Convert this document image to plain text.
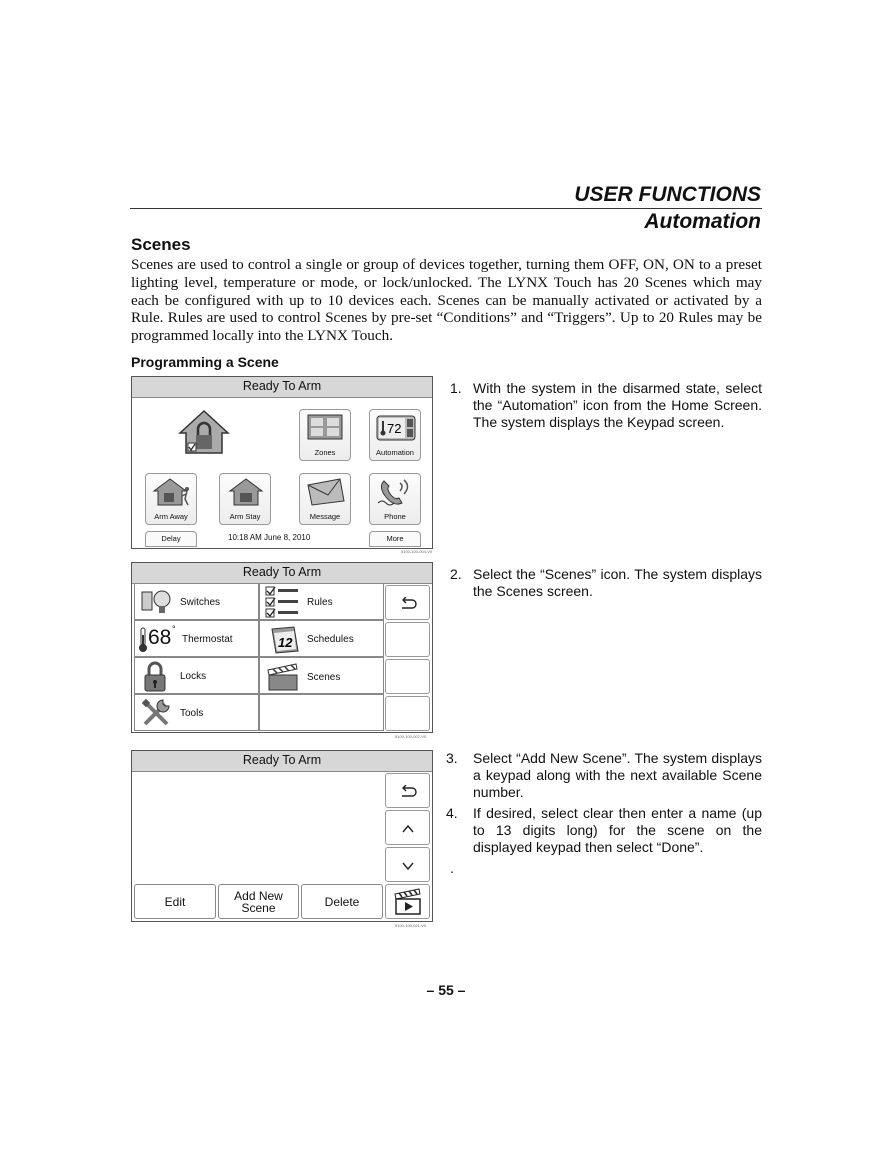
USER FUNCTIONS
Automation
Scenes
Scenes are used to control a single or group of devices together, turning them OFF, ON, ON to a preset lighting level, temperature or mode, or lock/unlocked. The LYNX Touch has 20 Scenes which may each be configured with up to 10 devices each. Scenes can be manually activated or activated by a Rule. Rules are used to control Scenes by pre-set “Conditions” and “Triggers”. Up to 20 Rules may be programmed locally into the LYNX Touch.
Programming a Scene
Ready To Arm
Zones
72
Automation
Arm Away	Arm Stay	Message	Phone
Delay	10:18 AM June 8, 2010	More
5100-100-004-V0
Ready To Arm
Switches	Rules
68 °
Thermostat	12 Schedules
Locks	Scenes
Tools
5100-100-007-V0
Ready To Arm
Edit	Add New
Scene	Delete
5100-100-021-V0
1. With the system in the disarmed state, select the “Automation” icon from the Home Screen. The system displays the Keypad screen.
2. Select the “Scenes” icon. The system displays the Scenes screen.
3. Select “Add New Scene”. The system displays a keypad along with the next available Scene number.
4. If desired, select clear then enter a name (up to 13 digits long) for the scene on the displayed keypad then select “Done”.
.
– 55 –
